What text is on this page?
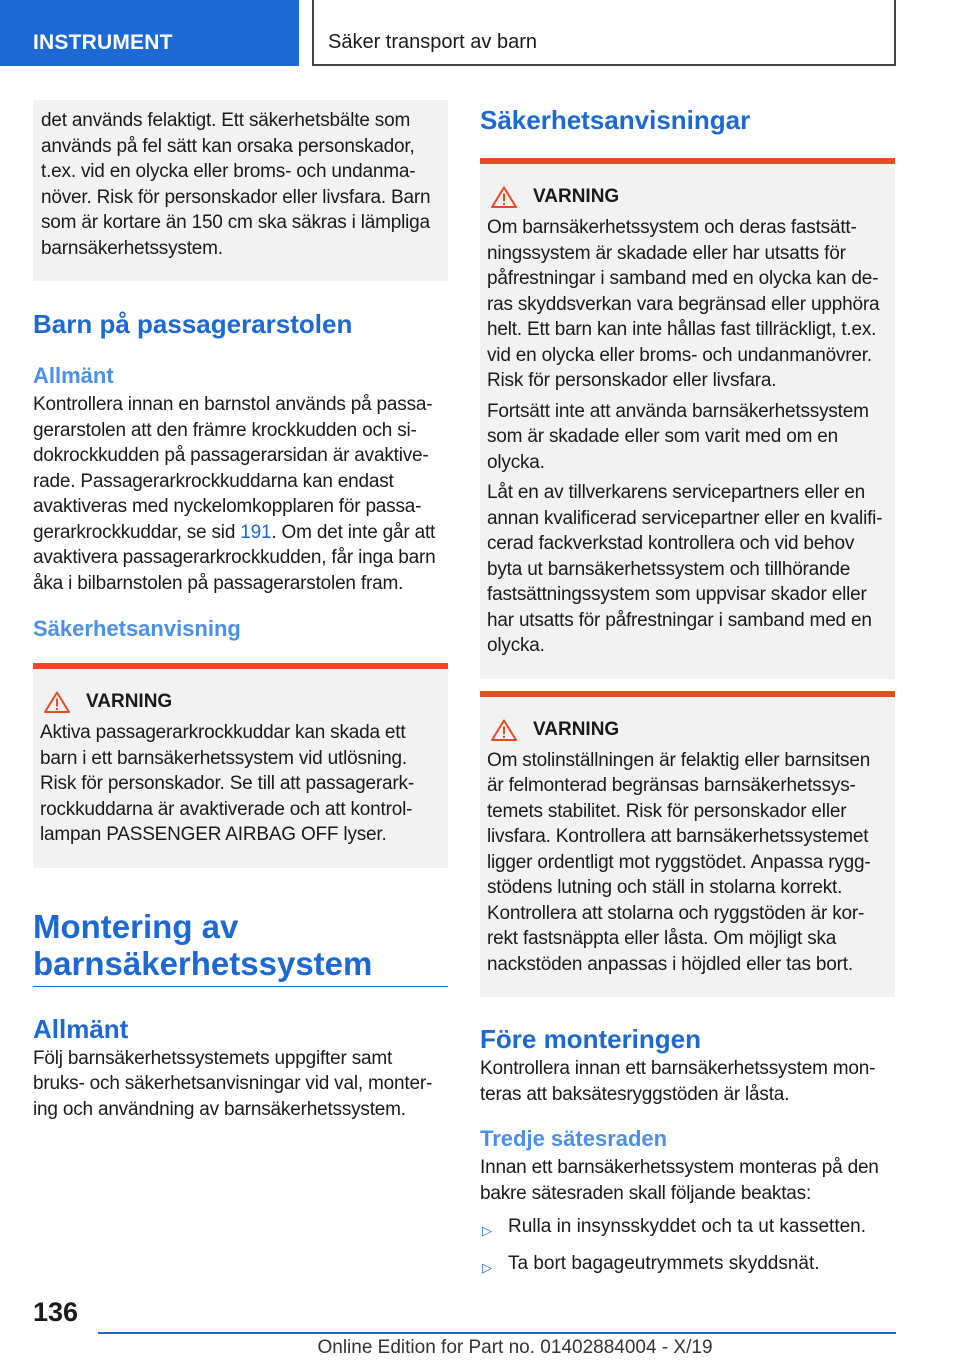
INSTRUMENT	Säker transport av barn

det används felaktigt. Ett säkerhetsbälte som används på fel sätt kan orsaka personskador, t.ex. vid en olycka eller broms- och undanmanöver. Risk för personskador eller livsfara. Barn som är kortare än 150 cm ska säkras i lämpliga barnsäkerhetssystem.

Barn på passagerarstolen
Allmänt

Kontrollera innan en barnstol används på passagerarstolen att den främre krockkudden och sidokrockkudden på passagerarsidan är avaktiverade. Passagerarkrockkuddarna kan endast avaktiveras med nyckelomkopplaren för passagerarkrockkuddar, se sid 191. Om det inte går att avaktivera passagerarkrockkudden, får inga barn åka i bilbarnstolen på passagerarstolen fram.

Säkerhetsanvisning
VARNING

Aktiva passagerarkrockkuddar kan skada ett barn i ett barnsäkerhetssystem vid utlösning. Risk för personskador. Se till att passagerarkrockkuddarna är avaktiverade och att kontrollampan PASSENGER AIRBAG OFF lyser.

Montering av barnsäkerhetssystem
Allmänt

Följ barnsäkerhetssystemets uppgifter samt bruks- och säkerhetsanvisningar vid val, montering och användning av barnsäkerhetssystem.

Säkerhetsanvisningar
VARNING

Om barnsäkerhetssystem och deras fastsättningssystem är skadade eller har utsatts för påfrestningar i samband med en olycka kan deras skyddsverkan vara begränsad eller upphöra helt. Ett barn kan inte hållas fast tillräckligt, t.ex. vid en olycka eller broms- och undanmanövrer. Risk för personskador eller livsfara.

Fortsätt inte att använda barnsäkerhetssystem som är skadade eller som varit med om en olycka.

Låt en av tillverkarens servicepartners eller en annan kvalificerad servicepartner eller en kvalificerad fackverkstad kontrollera och vid behov byta ut barnsäkerhetssystem och tillhörande fastsättningssystem som uppvisar skador eller har utsatts för påfrestningar i samband med en olycka.

VARNING

Om stolinställningen är felaktig eller barnsitsen är felmonterad begränsas barnsäkerhetssystemets stabilitet. Risk för personskador eller livsfara. Kontrollera att barnsäkerhetssystemet ligger ordentligt mot ryggstödet. Anpassa ryggstödens lutning och ställ in stolarna korrekt. Kontrollera att stolarna och ryggstöden är korrekt fastsnäppta eller låsta. Om möjligt ska nackstöden anpassas i höjdled eller tas bort.

Före monteringen

Kontrollera innan ett barnsäkerhetssystem monteras att baksätesryggstöden är låsta.

Tredje sätesraden

Innan ett barnsäkerhetssystem monteras på den bakre sätesraden skall följande beaktas:

▷ Rulla in insynsskyddet och ta ut kassetten.
▷ Ta bort bagageutrymmets skyddsnät.
136
Online Edition for Part no. 01402884004 - X/19
